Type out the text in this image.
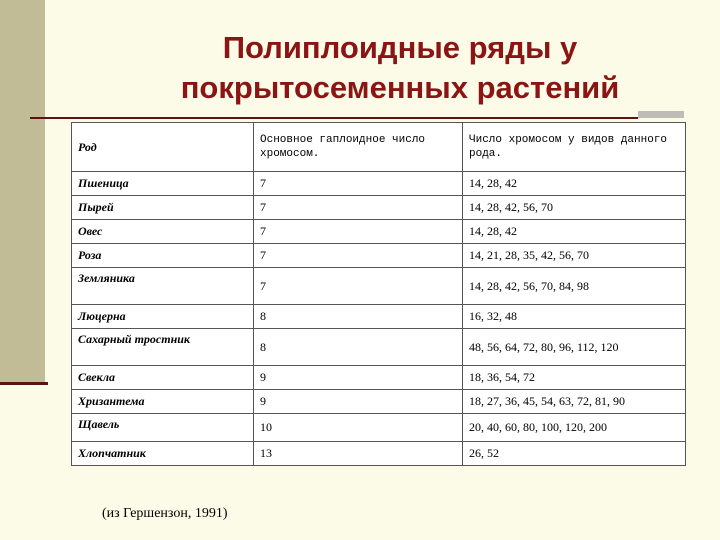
Полиплоидные ряды у
покрытосеменных растений
Род	Основное гаплоидное число хромосом.	Число хромосом у видов данного рода.
Пшеница	7	14, 28, 42
Пырей	7	14, 28, 42, 56, 70
Овес	7	14, 28, 42
Роза	7	14, 21, 28, 35, 42, 56, 70
Земляника	7	14, 28, 42, 56, 70, 84, 98
Люцерна	8	16, 32, 48
Сахарный тростник	8	48, 56, 64, 72, 80, 96, 112, 120
Свекла	9	18, 36, 54, 72
Хризантема	9	18, 27, 36, 45, 54, 63, 72, 81, 90
Щавель	10	20, 40, 60, 80, 100, 120, 200
Хлопчатник	13	26, 52
(из Гершензон, 1991)
